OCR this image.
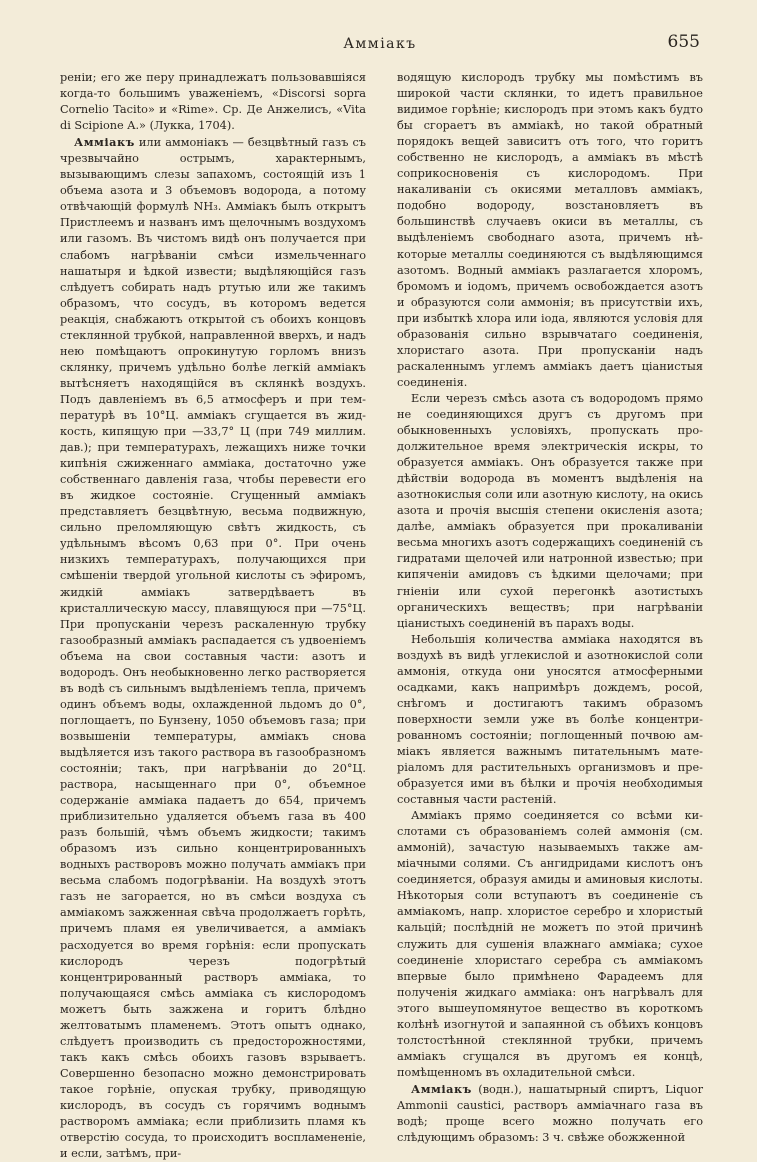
Амміакъ	655

реніи; его же перу принадлежатъ пользовавшіяся когда-то большимъ уваженіемъ, «Discorsi sopra Cornelio Tacito» и «Rime». Ср. Де Анжелисъ, «Vita di Scipione A.» (Лукка, 1704).

Амміакъ или аммоніакъ — безцвѣтный газъ съ чрезвычайно острымъ, характернымъ, вызывающимъ слезы запахомъ, состоящій изъ 1 объема азота и 3 объемовъ водорода, а потому отвѣчающій формулѣ NH₃. Амміакъ былъ открытъ Пристлеемъ и названъ имъ щелочнымъ воздухомъ или газомъ. Въ чистомъ видѣ онъ получается при слабомъ нагрѣваніи смѣси измельченнаго нашатыря и ѣдкой извести; выдѣляющійся газъ слѣдуетъ собирать надъ ртутью или же такимъ образомъ, что сосудъ, въ которомъ ведется реакція, снабжаютъ открытой съ обоихъ концовъ стеклянной трубкой, направленной вверхъ, и надъ нею помѣщаютъ опрокинутую горломъ внизъ склянку, причемъ удѣльно болѣе легкій амміакъ вытѣсняетъ находящійся въ склянкѣ воздухъ. Подъ давленіемъ въ 6,5 атмосферъ и при температурѣ въ 10°Ц. амміакъ сгущается въ жидкость, кипящую при —33,7° Ц (при 749 миллим. дав.); при температурахъ, лежащихъ ниже точки кипѣнія сжиженнаго амміака, достаточно уже собственнаго давленія газа, чтобы перевести его въ жидкое состояніе. Сгущенный амміакъ представляетъ безцвѣтную, весьма подвижную, сильно преломляющую свѣтъ жидкость, съ удѣльнымъ вѣсомъ 0,63 при 0°. При очень низкихъ температурахъ, получающихся при смѣшеніи твердой угольной кислоты съ эфиромъ, жидкій амміакъ затвердѣваетъ въ кристаллическую массу, плавящуюся при —75°Ц. При пропусканіи черезъ раскаленную трубку газообразный амміакъ распадается съ удвоеніемъ объема на свои составныя части: азотъ и водородъ. Онъ необыкновенно легко растворяется въ водѣ съ сильнымъ выдѣленіемъ тепла, причемъ одинъ объемъ воды, охлажденной льдомъ до 0°, поглощаетъ, по Бунзену, 1050 объемовъ газа; при возвышеніи температуры, амміакъ снова выдѣляется изъ такого раствора въ газообразномъ состояніи; такъ, при нагрѣваніи до 20°Ц. раствора, насыщеннаго при 0°, объемное содержаніе амміака падаетъ до 654, причемъ приблизительно удаляется объемъ газа въ 400 разъ большій, чѣмъ объемъ жидкости; такимъ образомъ изъ сильно концентрированныхъ водныхъ растворовъ можно получать амміакъ при весьма слабомъ подогрѣваніи. На воздухѣ этотъ газъ не загорается, но въ смѣси воздуха съ амміакомъ зажженная свѣча продолжаетъ горѣть, причемъ пламя ея увеличивается, а амміакъ расходуется во время горѣнія: если пропускать кислородъ черезъ подогрѣтый концентрированный растворъ амміака, то получающаяся смѣсь амміака съ кислородомъ можетъ быть зажжена и горитъ блѣдно желтоватымъ пламенемъ. Этотъ опытъ однако, слѣдуетъ производить съ предосторожностями, такъ какъ смѣсь обоихъ газовъ взрываетъ. Совершенно безопасно можно демонстрировать такое горѣніе, опуская трубку, приводящую кислородъ, въ сосудъ съ горячимъ воднымъ растворомъ амміака; если приблизить пламя къ отверстію сосуда, то происходитъ воспламененіе, и если, затѣмъ, при-

водящую кислородъ трубку мы помѣстимъ въ широкой части склянки, то идетъ правильное видимое горѣніе; кислородъ при этомъ какъ будто бы сгораетъ въ амміакѣ, но такой обратный порядокъ вещей зависитъ отъ того, что горитъ собственно не кислородъ, а амміакъ въ мѣстѣ соприкосновенія съ кислородомъ. При накаливаніи съ окисями металловъ амміакъ, подобно водороду, возстановляетъ въ большинствѣ случаевъ окиси въ металлы, съ выдѣленіемъ свободнаго азота, причемъ нѣкоторые металлы соединяются съ выдѣляющимся азотомъ. Водный амміакъ разлагается хлоромъ, бромомъ и іодомъ, причемъ освобождается азотъ и образуются соли аммонія; въ присутствіи ихъ, при избыткѣ хлора или іода, являются условія для образованія сильно взрывчатаго соединенія, хлористаго азота. При пропусканіи надъ раскаленнымъ углемъ амміакъ даетъ ціанистыя соединенія.

Если черезъ смѣсь азота съ водородомъ прямо не соединяющихся другъ съ другомъ при обыкновенныхъ условіяхъ, пропускать продолжительное время электрическія искры, то образуется амміакъ. Онъ образуется также при дѣйствіи водорода въ моментъ выдѣленія на азотнокислыя соли или азотную кислоту, на окись азота и прочія высшія степени окисленія азота; далѣе, амміакъ образуется при прокаливаніи весьма многихъ азотъ содержащихъ соединеній съ гидратами щелочей или натронной известью; при кипяченіи амидовъ съ ѣдкими щелочами; при гніеніи или сухой перегонкѣ азотистыхъ органическихъ веществъ; при нагрѣваніи ціанистыхъ соединеній въ парахъ воды.

Небольшія количества амміака находятся въ воздухѣ въ видѣ углекислой и азотнокислой соли аммонія, откуда они уносятся атмосферными осадками, какъ напримѣръ дождемъ, росой, снѣгомъ и достигаютъ такимъ образомъ поверхности земли уже въ болѣе концентрированномъ состояніи; поглощенный почвою амміакъ является важнымъ питательнымъ матеріаломъ для растительныхъ организмовъ и преобразуется ими въ бѣлки и прочія необходимыя составныя части растеній.

Амміакъ прямо соединяется со всѣми кислотами съ образованіемъ солей аммонія (см. аммоній), зачастую называемыхъ также амміачными солями. Съ ангидридами кислотъ онъ соединяется, образуя амиды и аминовыя кислоты. Нѣкоторыя соли вступаютъ въ соединеніе съ амміакомъ, напр. хлористое серебро и хлористый кальцій; послѣдній не можетъ по этой причинѣ служить для сушенія влажнаго амміака; сухое соединеніе хлористаго серебра съ амміакомъ впервые было примѣнено Фарадеемъ для полученія жидкаго амміака: онъ нагрѣвалъ для этого вышеупомянутое вещество въ короткомъ колѣнѣ изогнутой и запаянной съ обѣихъ концовъ толстостѣнной стеклянной трубки, причемъ амміакъ сгущался въ другомъ ея концѣ, помѣщенномъ въ охладительной смѣси.

Амміакъ (водн.), нашатырный спиртъ, Liquor Ammonii caustici, растворъ амміачнаго газа въ водѣ; проще всего можно получать его слѣдующимъ образомъ: 3 ч. свѣже обожженной
